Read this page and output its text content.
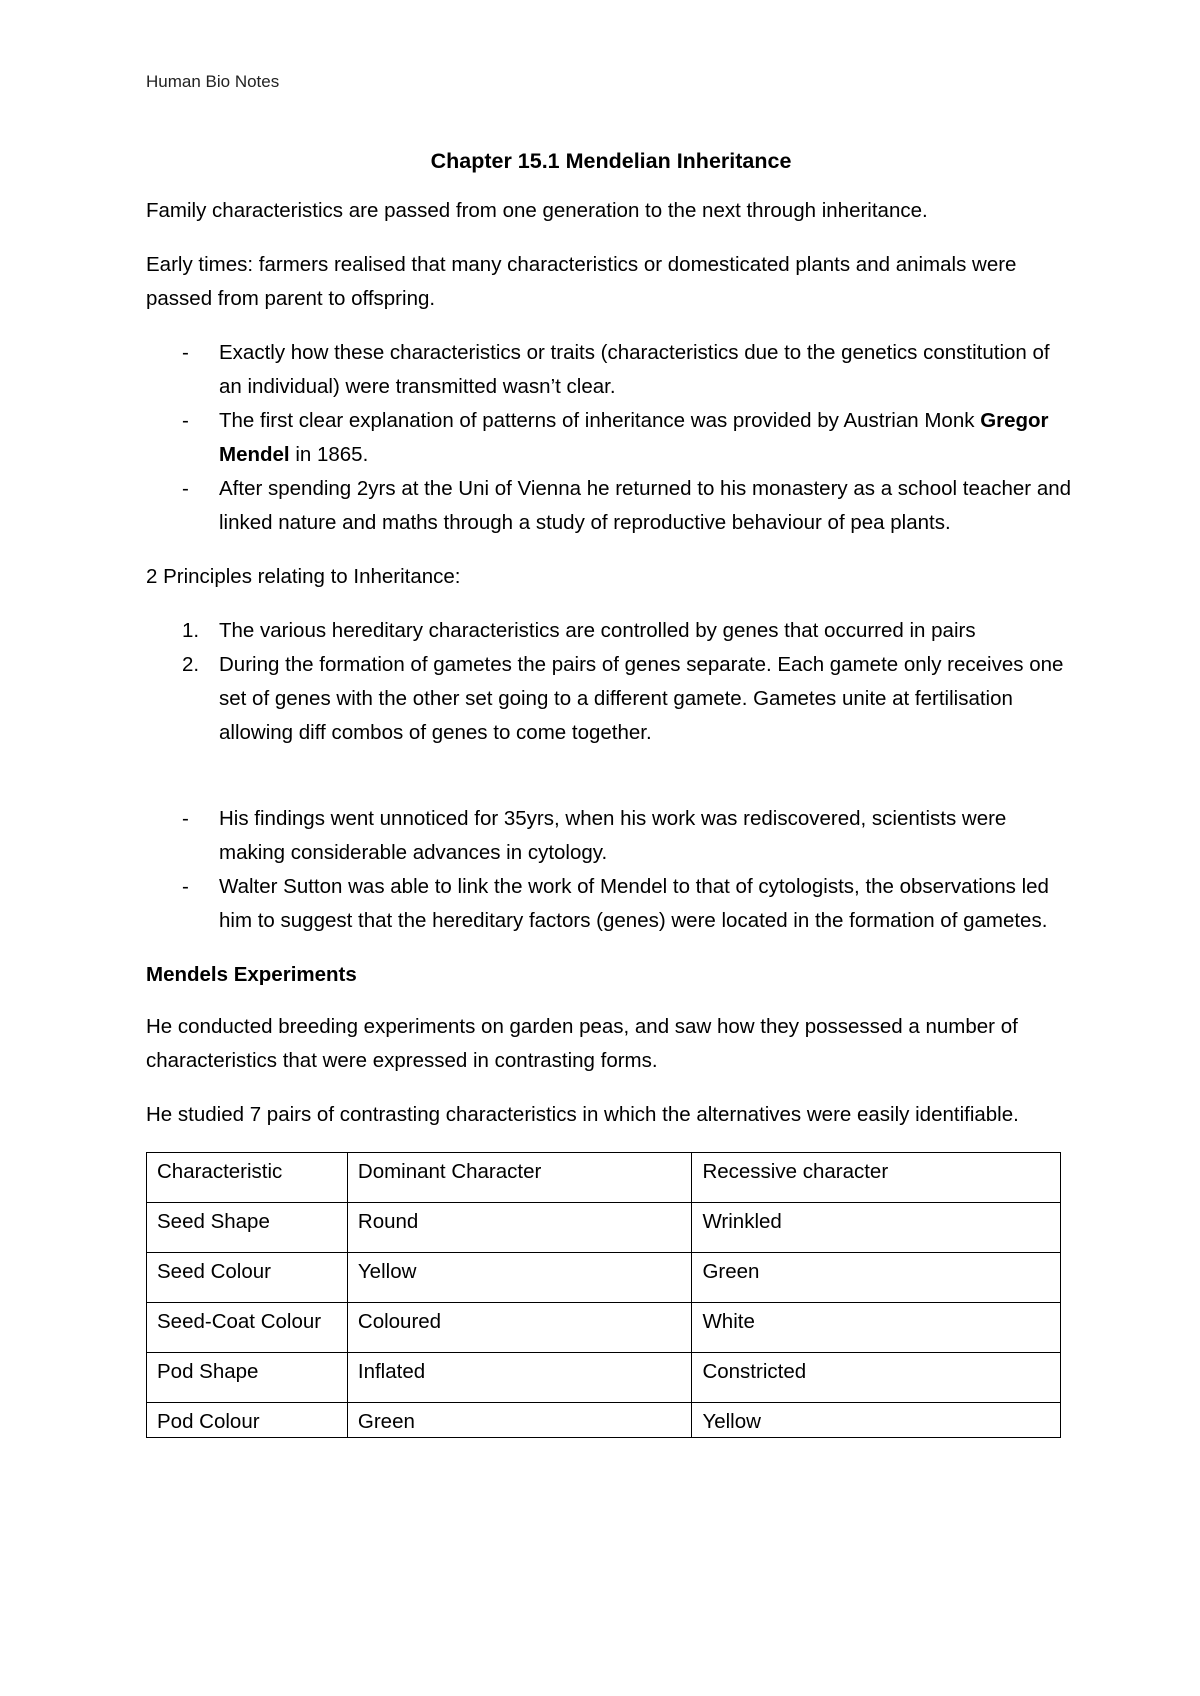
Human Bio Notes
Chapter 15.1 Mendelian Inheritance

Family characteristics are passed from one generation to the next through inheritance.

Early times: farmers realised that many characteristics or domesticated plants and animals were passed from parent to offspring.

- Exactly how these characteristics or traits (characteristics due to the genetics constitution of an individual) were transmitted wasn’t clear.
- The first clear explanation of patterns of inheritance was provided by Austrian Monk Gregor Mendel in 1865.
- After spending 2yrs at the Uni of Vienna he returned to his monastery as a school teacher and linked nature and maths through a study of reproductive behaviour of pea plants.

2 Principles relating to Inheritance:

1. The various hereditary characteristics are controlled by genes that occurred in pairs
2. During the formation of gametes the pairs of genes separate. Each gamete only receives one set of genes with the other set going to a different gamete. Gametes unite at fertilisation allowing diff combos of genes to come together.
- His findings went unnoticed for 35yrs, when his work was rediscovered, scientists were making considerable advances in cytology.
- Walter Sutton was able to link the work of Mendel to that of cytologists, the observations led him to suggest that the hereditary factors (genes) were located in the formation of gametes.

Mendels Experiments

He conducted breeding experiments on garden peas, and saw how they possessed a number of characteristics that were expressed in contrasting forms.

He studied 7 pairs of contrasting characteristics in which the alternatives were easily identifiable.

Characteristic	Dominant Character	Recessive character
Seed Shape	Round	Wrinkled
Seed Colour	Yellow	Green
Seed-Coat Colour	Coloured	White
Pod Shape	Inflated	Constricted
Pod Colour	Green	Yellow
